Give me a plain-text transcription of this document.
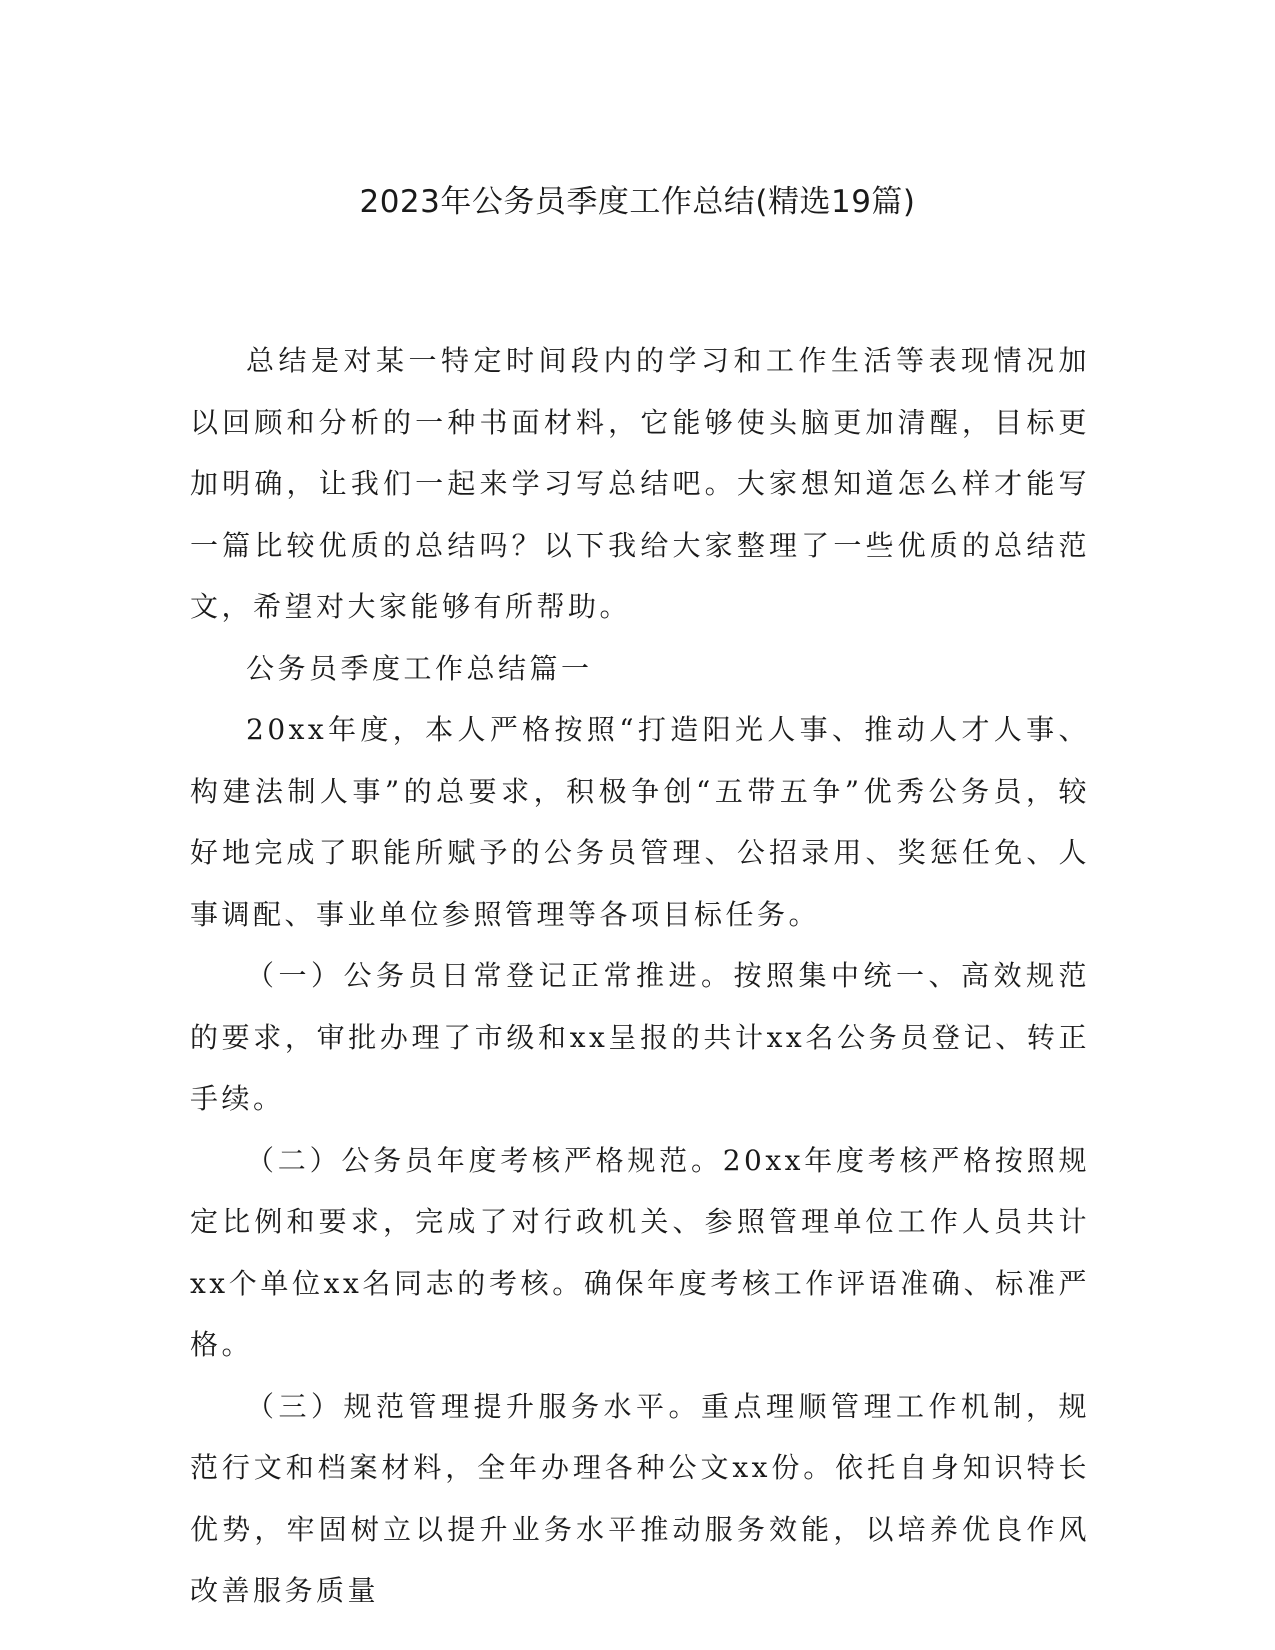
2023年公务员季度工作总结(精选19篇)

总结是对某一特定时间段内的学习和工作生活等表现情况加以回顾和分析的一种书面材料，它能够使头脑更加清醒，目标更加明确，让我们一起来学习写总结吧。大家想知道怎么样才能写一篇比较优质的总结吗？以下我给大家整理了一些优质的总结范文，希望对大家能够有所帮助。

公务员季度工作总结篇一

20xx年度，本人严格按照“打造阳光人事、推动人才人事、构建法制人事”的总要求，积极争创“五带五争”优秀公务员，较好地完成了职能所赋予的公务员管理、公招录用、奖惩任免、人事调配、事业单位参照管理等各项目标任务。

（一）公务员日常登记正常推进。按照集中统一、高效规范的要求，审批办理了市级和xx呈报的共计xx名公务员登记、转正手续。

（二）公务员年度考核严格规范。20xx年度考核严格按照规定比例和要求，完成了对行政机关、参照管理单位工作人员共计xx个单位xx名同志的考核。确保年度考核工作评语准确、标准严格。

（三）规范管理提升服务水平。重点理顺管理工作机制，规范行文和档案材料，全年办理各种公文xx份。依托自身知识特长优势，牢固树立以提升业务水平推动服务效能，以培养优良作风改善服务质量
